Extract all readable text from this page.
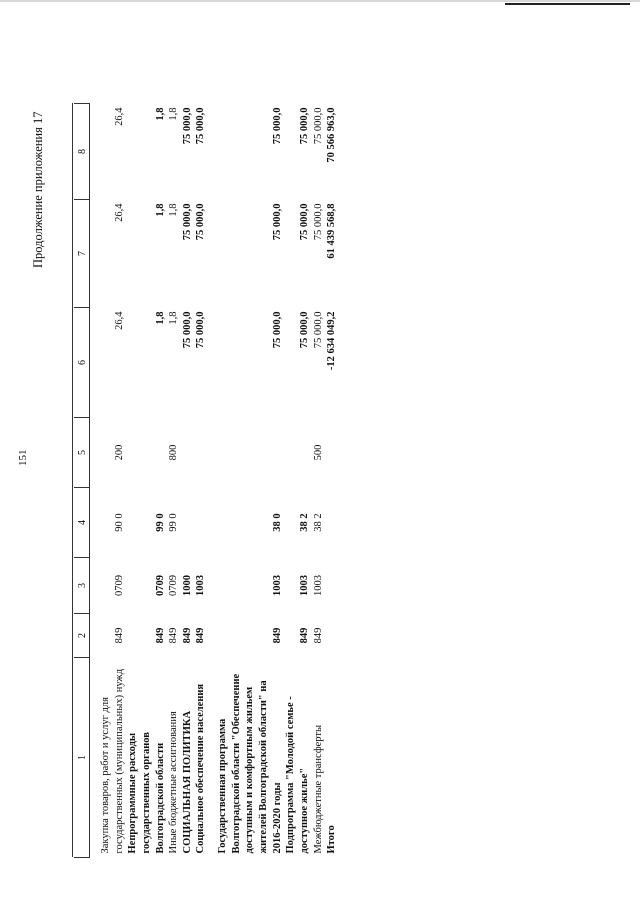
151
Продолжение приложения 17

1	2	3	4	5	6	7	8

Закупка товаров, работ и услуг для государственных (муниципальных) нужд	849	0709	90 0	200	26,4	26,4	26,4
Непрограммные расходы государственных органов Волгоградской области	849	0709	99 0		1,8	1,8	1,8
Иные бюджетные ассигнования	849	0709	99 0	800	1,8	1,8	1,8
СОЦИАЛЬНАЯ ПОЛИТИКА	849	1000			75 000,0	75 000,0	75 000,0
Социальное обеспечение населения	849	1003			75 000,0	75 000,0	75 000,0

Государственная программа Волгоградской области "Обеспечение доступным и комфортным жильем жителей Волгоградской области" на 2016-2020 годы	849	1003	38 0		75 000,0	75 000,0	75 000,0
Подпрограмма "Молодой семье - доступное жилье"	849	1003	38 2		75 000,0	75 000,0	75 000,0
Межбюджетные трансферты	849	1003	38 2	500	75 000,0	75 000,0	75 000,0
Итого					-12 634 049,2	61 439 568,8	70 566 963,0
